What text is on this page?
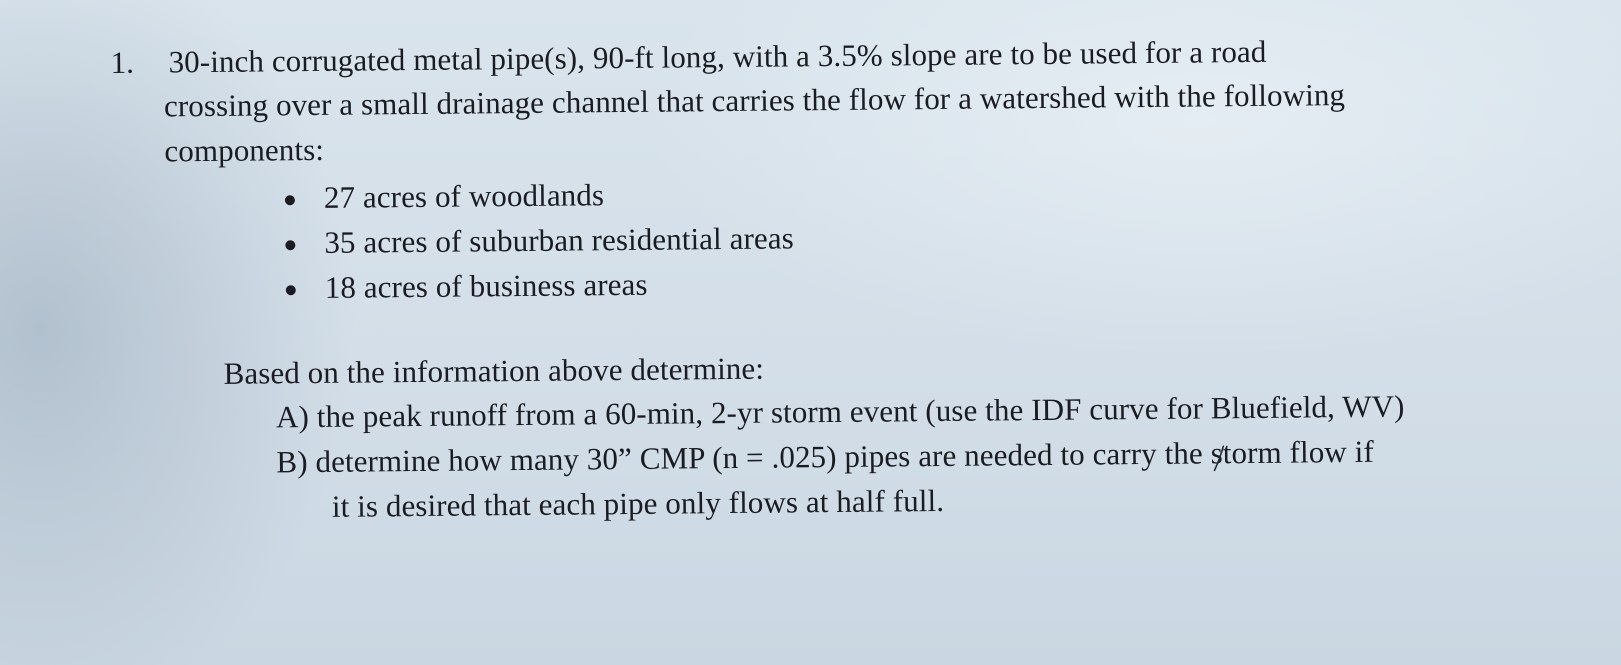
1. 30-inch corrugated metal pipe(s), 90-ft long, with a 3.5% slope are to be used for a road
crossing over a small drainage channel that carries the flow for a watershed with the following
components:
27 acres of woodlands
35 acres of suburban residential areas
18 acres of business areas
Based on the information above determine:
A) the peak runoff from a 60-min, 2-yr storm event (use the IDF curve for Bluefield, WV)
B) determine how many 30” CMP (n = .025) pipes are needed to carry the storm flow if
it is desired that each pipe only flows at half full.
